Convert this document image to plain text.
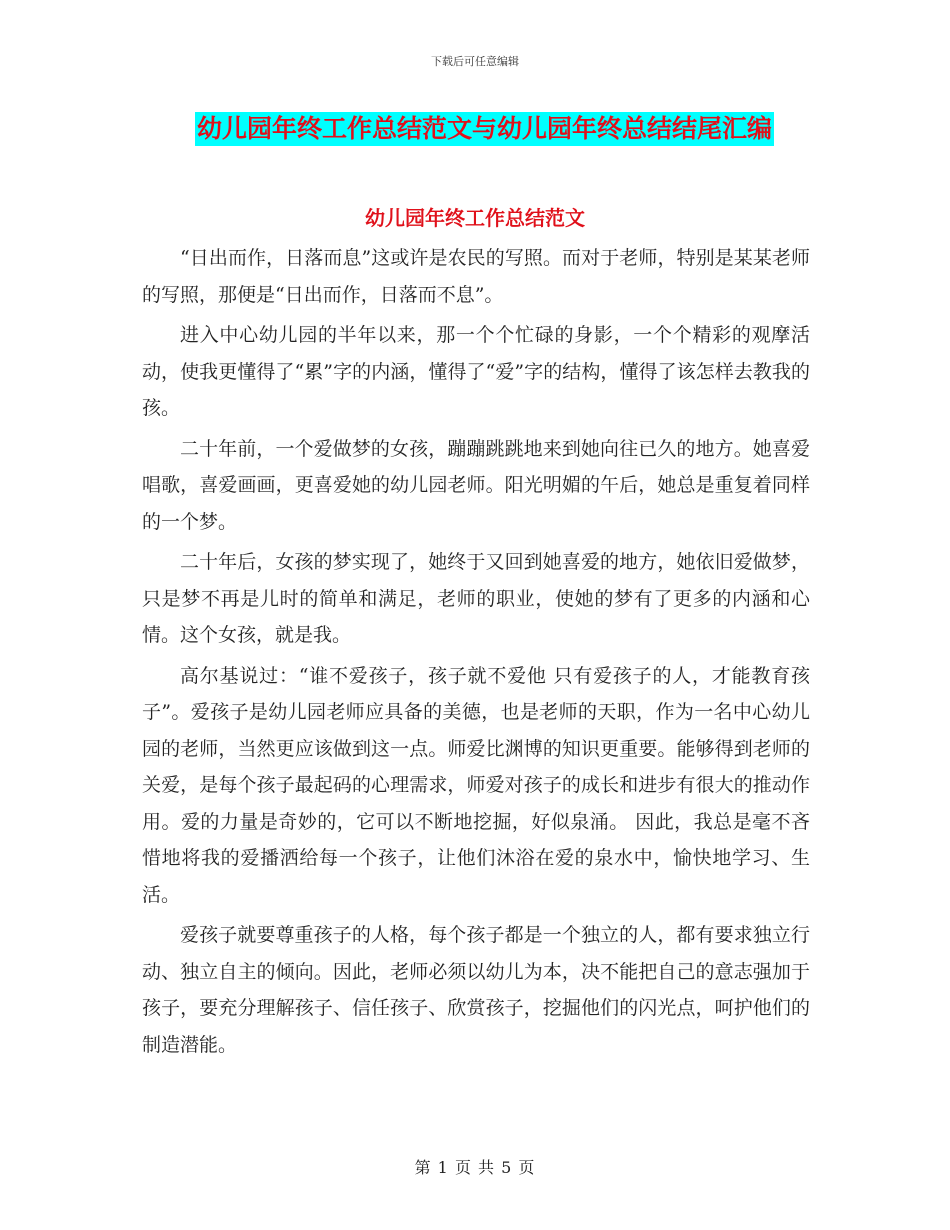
下载后可任意编辑
幼儿园年终工作总结范文与幼儿园年终总结结尾汇编
幼儿园年终工作总结范文

“日出而作，日落而息”这或许是农民的写照。而对于老师，特别是某某老师的写照，那便是“日出而作，日落而不息”。

进入中心幼儿园的半年以来，那一个个忙碌的身影，一个个精彩的观摩活动，使我更懂得了“累”字的内涵，懂得了“爱”字的结构，懂得了该怎样去教我的孩。

二十年前，一个爱做梦的女孩，蹦蹦跳跳地来到她向往已久的地方。她喜爱唱歌，喜爱画画，更喜爱她的幼儿园老师。阳光明媚的午后，她总是重复着同样的一个梦。

二十年后，女孩的梦实现了，她终于又回到她喜爱的地方，她依旧爱做梦，只是梦不再是儿时的简单和满足，老师的职业，使她的梦有了更多的内涵和心情。这个女孩，就是我。

高尔基说过：“谁不爱孩子，孩子就不爱他 只有爱孩子的人，才能教育孩子”。爱孩子是幼儿园老师应具备的美德，也是老师的天职，作为一名中心幼儿园的老师，当然更应该做到这一点。师爱比渊博的知识更重要。能够得到老师的关爱，是每个孩子最起码的心理需求，师爱对孩子的成长和进步有很大的推动作用。爱的力量是奇妙的，它可以不断地挖掘，好似泉涌。 因此，我总是毫不吝惜地将我的爱播洒给每一个孩子，让他们沐浴在爱的泉水中，愉快地学习、生活。

爱孩子就要尊重孩子的人格，每个孩子都是一个独立的人，都有要求独立行动、独立自主的倾向。因此，老师必须以幼儿为本，决不能把自己的意志强加于孩子，要充分理解孩子、信任孩子、欣赏孩子，挖掘他们的闪光点，呵护他们的制造潜能。

第 1 页 共 5 页
